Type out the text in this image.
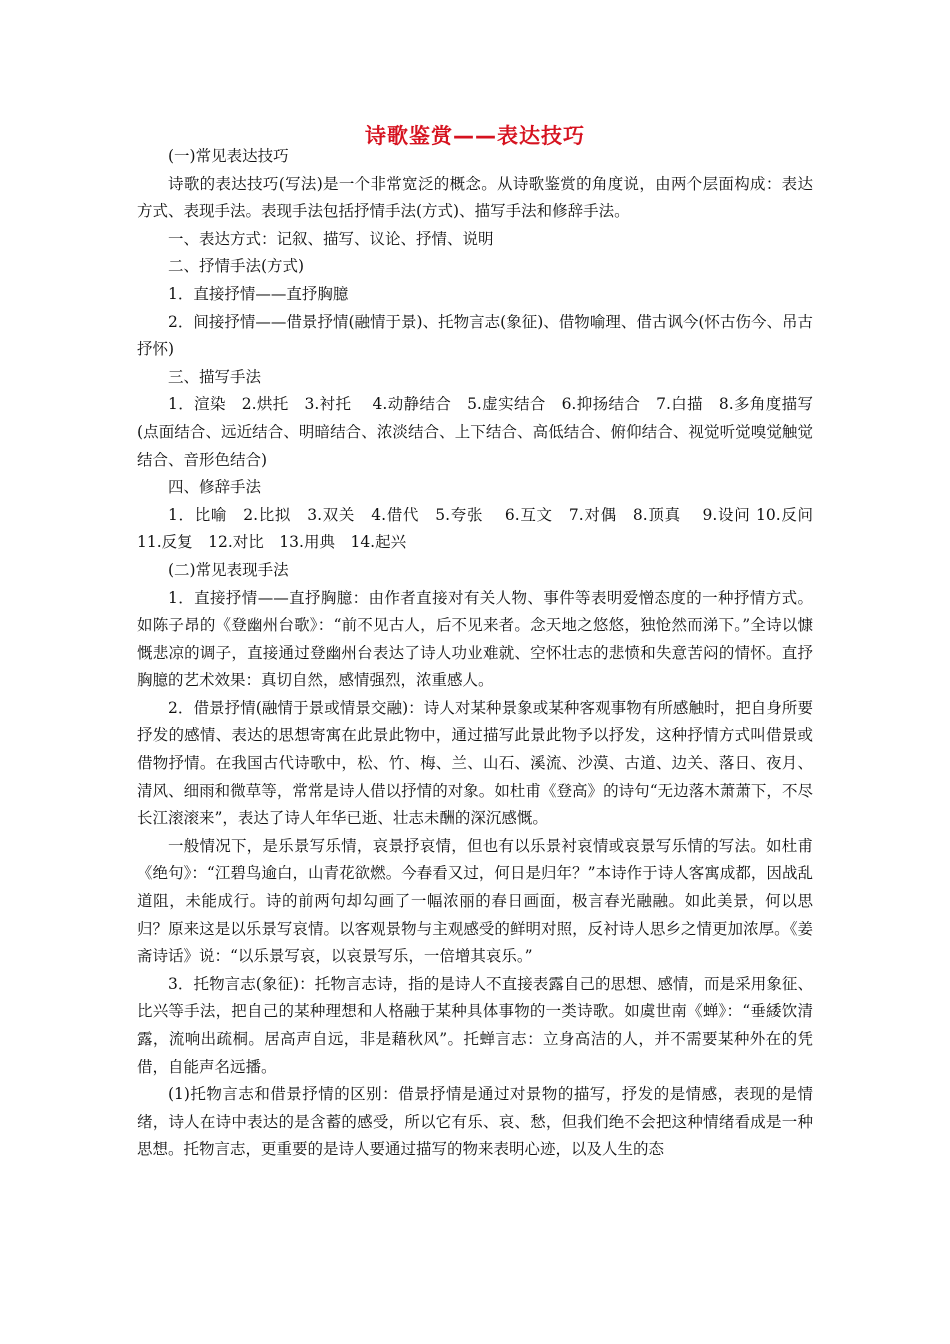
诗歌鉴赏——表达技巧

(一)常见表达技巧

诗歌的表达技巧(写法)是一个非常宽泛的概念。从诗歌鉴赏的角度说，由两个层面构成：表达方式、表现手法。表现手法包括抒情手法(方式)、描写手法和修辞手法。

一、表达方式：记叙、描写、议论、抒情、说明

二、抒情手法(方式)

1．直接抒情——直抒胸臆

2．间接抒情——借景抒情(融情于景)、托物言志(象征)、借物喻理、借古讽今(怀古伤今、吊古抒怀)

三、描写手法

1．渲染　2.烘托　3.衬托　 4.动静结合　5.虚实结合　6.抑扬结合　7.白描　8.多角度描写(点面结合、远近结合、明暗结合、浓淡结合、上下结合、高低结合、俯仰结合、视觉听觉嗅觉触觉结合、音形色结合)

四、修辞手法

1．比喻　2.比拟　3.双关　4.借代　5.夸张　 6.互文　7.对偶　8.顶真　 9.设问 10.反问　11.反复　12.对比　13.用典　14.起兴

(二)常见表现手法

1．直接抒情——直抒胸臆：由作者直接对有关人物、事件等表明爱憎态度的一种抒情方式。如陈子昂的《登幽州台歌》：“前不见古人，后不见来者。念天地之悠悠，独怆然而涕下。”全诗以慷慨悲凉的调子，直接通过登幽州台表达了诗人功业难就、空怀壮志的悲愤和失意苦闷的情怀。直抒胸臆的艺术效果：真切自然，感情强烈，浓重感人。

2．借景抒情(融情于景或情景交融)：诗人对某种景象或某种客观事物有所感触时，把自身所要抒发的感情、表达的思想寄寓在此景此物中，通过描写此景此物予以抒发，这种抒情方式叫借景或借物抒情。在我国古代诗歌中，松、竹、梅、兰、山石、溪流、沙漠、古道、边关、落日、夜月、清风、细雨和微草等，常常是诗人借以抒情的对象。如杜甫《登高》的诗句“无边落木萧萧下，不尽长江滚滚来”，表达了诗人年华已逝、壮志未酬的深沉感慨。

一般情况下，是乐景写乐情，哀景抒哀情，但也有以乐景衬哀情或哀景写乐情的写法。如杜甫《绝句》：“江碧鸟逾白，山青花欲燃。今春看又过，何日是归年？”本诗作于诗人客寓成都，因战乱道阻，未能成行。诗的前两句却勾画了一幅浓丽的春日画面，极言春光融融。如此美景，何以思归？原来这是以乐景写哀情。以客观景物与主观感受的鲜明对照，反衬诗人思乡之情更加浓厚。《姜斋诗话》说：“以乐景写哀，以哀景写乐，一倍增其哀乐。”

3．托物言志(象征)：托物言志诗，指的是诗人不直接表露自己的思想、感情，而是采用象征、比兴等手法，把自己的某种理想和人格融于某种具体事物的一类诗歌。如虞世南《蝉》：“垂緌饮清露，流响出疏桐。居高声自远，非是藉秋风”。托蝉言志：立身高洁的人，并不需要某种外在的凭借，自能声名远播。

(1)托物言志和借景抒情的区别：借景抒情是通过对景物的描写，抒发的是情感，表现的是情绪，诗人在诗中表达的是含蓄的感受，所以它有乐、哀、愁，但我们绝不会把这种情绪看成是一种思想。托物言志，更重要的是诗人要通过描写的物来表明心迹，以及人生的态
